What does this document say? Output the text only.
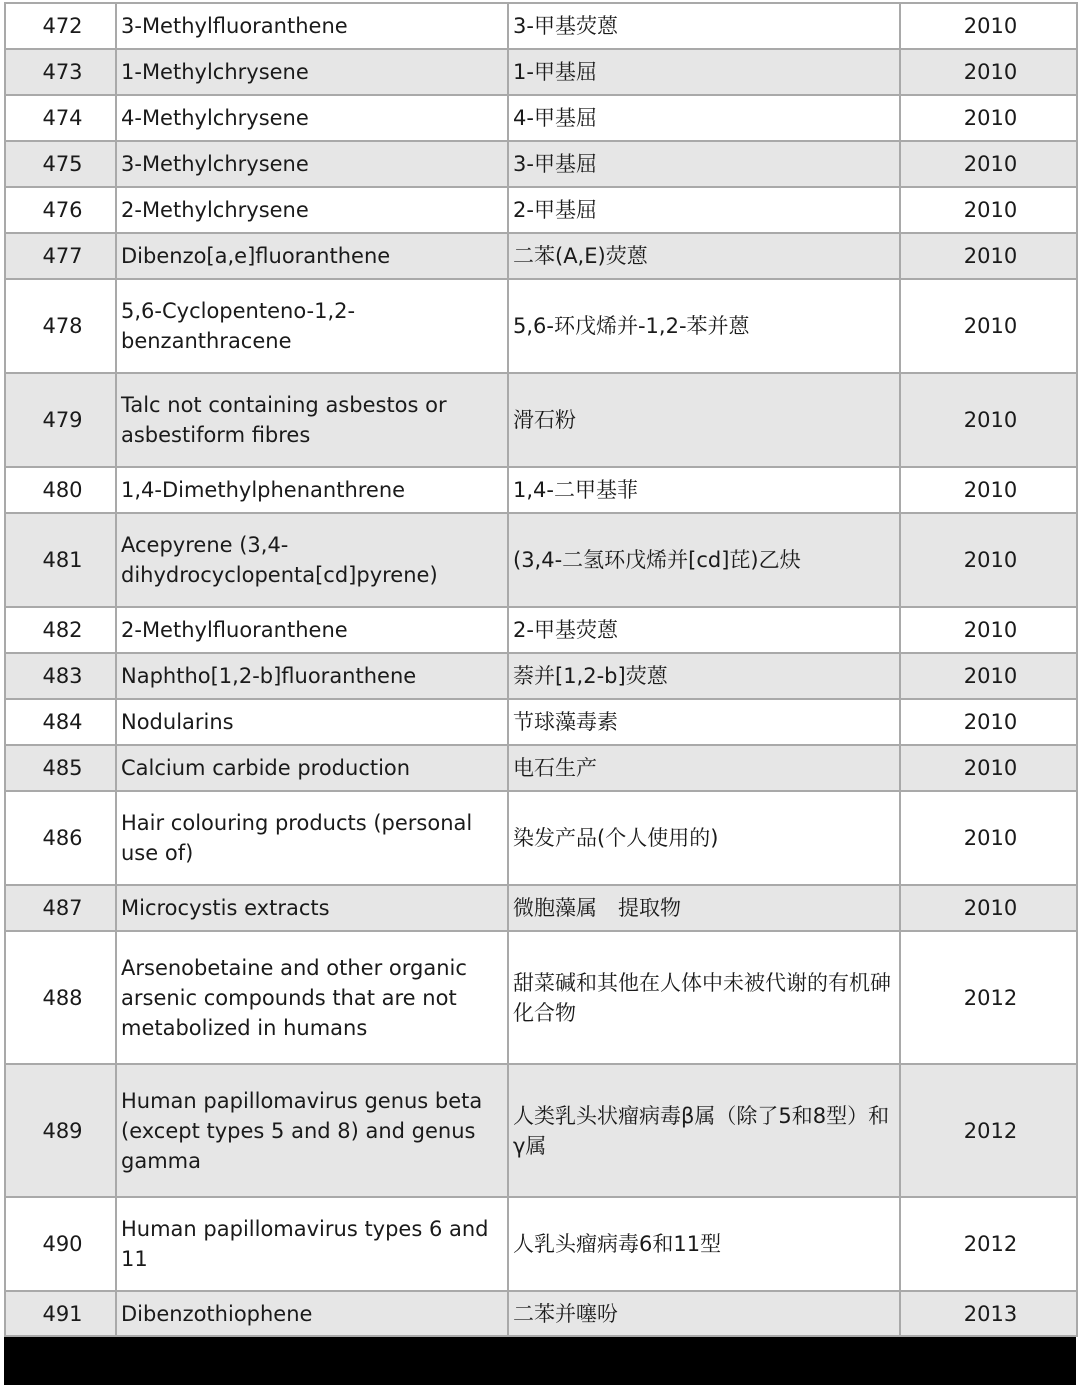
472	3-Methylfluoranthene	3-甲基荧蒽	2010
473	1-Methylchrysene	1-甲基屈	2010
474	4-Methylchrysene	4-甲基屈	2010
475	3-Methylchrysene	3-甲基屈	2010
476	2-Methylchrysene	2-甲基屈	2010
477	Dibenzo[a,e]fluoranthene	二苯(A,E)荧蒽	2010
478	5,6-Cyclopenteno-1,2-benzanthracene	5,6-环戊烯并-1,2-苯并蒽	2010
479	Talc not containing asbestos or asbestiform fibres	滑石粉	2010
480	1,4-Dimethylphenanthrene	1,4-二甲基菲	2010
481	Acepyrene (3,4-dihydrocyclopenta[cd]pyrene)	(3,4-二氢环戊烯并[cd]芘)乙炔	2010
482	2-Methylfluoranthene	2-甲基荧蒽	2010
483	Naphtho[1,2-b]fluoranthene	萘并[1,2-b]荧蒽	2010
484	Nodularins	节球藻毒素	2010
485	Calcium carbide production	电石生产	2010
486	Hair colouring products (personal use of)	染发产品(个人使用的)	2010
487	Microcystis extracts	微胞藻属　提取物	2010
488	Arsenobetaine and other organic arsenic compounds that are not metabolized in humans	甜菜碱和其他在人体中未被代谢的有机砷化合物	2012
489	Human papillomavirus genus beta (except types 5 and 8) and genus gamma	人类乳头状瘤病毒β属（除了5和8型）和γ属	2012
490	Human papillomavirus types 6 and 11	人乳头瘤病毒6和11型	2012
491	Dibenzothiophene	二苯并噻吩	2013
